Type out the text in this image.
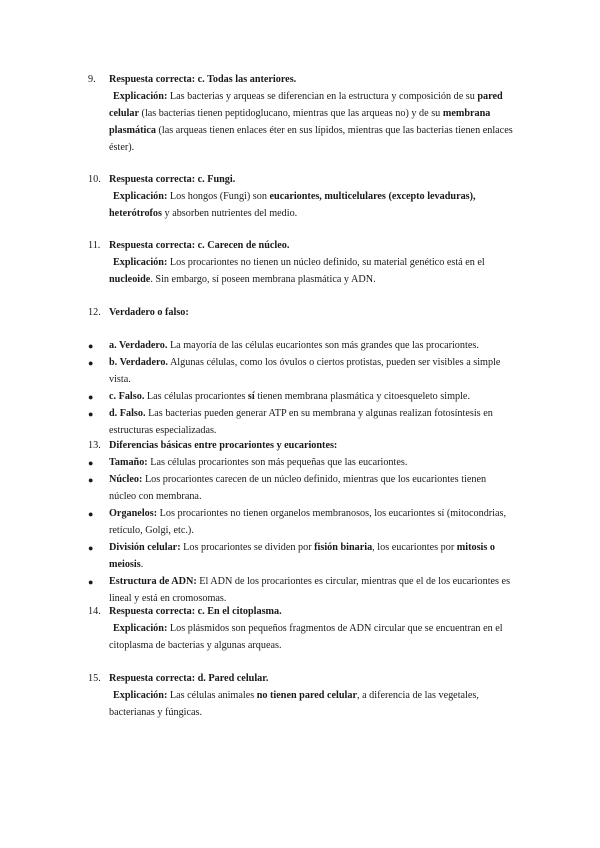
9. Respuesta correcta: c. Todas las anteriores.
Explicación: Las bacterias y arqueas se diferencian en la estructura y composición de su pared
celular (las bacterias tienen peptidoglucano, mientras que las arqueas no) y de su membrana
plasmática (las arqueas tienen enlaces éter en sus lípidos, mientras que las bacterias tienen enlaces
éster).
10. Respuesta correcta: c. Fungi.
Explicación: Los hongos (Fungi) son eucariontes, multicelulares (excepto levaduras),
heterótrofos y absorben nutrientes del medio.
11. Respuesta correcta: c. Carecen de núcleo.
Explicación: Los procariontes no tienen un núcleo definido, su material genético está en el
nucleoide. Sin embargo, sí poseen membrana plasmática y ADN.
12. Verdadero o falso:
● a. Verdadero. La mayoría de las células eucariontes son más grandes que las procariontes.
● b. Verdadero. Algunas células, como los óvulos o ciertos protistas, pueden ser visibles a simple
vista.
● c. Falso. Las células procariontes sí tienen membrana plasmática y citoesqueleto simple.
● d. Falso. Las bacterias pueden generar ATP en su membrana y algunas realizan fotosíntesis en
estructuras especializadas.
13. Diferencias básicas entre procariontes y eucariontes:
● Tamaño: Las células procariontes son más pequeñas que las eucariontes.
● Núcleo: Los procariontes carecen de un núcleo definido, mientras que los eucariontes tienen
núcleo con membrana.
● Organelos: Los procariontes no tienen organelos membranosos, los eucariontes sí (mitocondrias,
retículo, Golgi, etc.).
● División celular: Los procariontes se dividen por fisión binaria, los eucariontes por mitosis o
meiosis.
● Estructura de ADN: El ADN de los procariontes es circular, mientras que el de los eucariontes es
lineal y está en cromosomas.
14. Respuesta correcta: c. En el citoplasma.
Explicación: Los plásmidos son pequeños fragmentos de ADN circular que se encuentran en el
citoplasma de bacterias y algunas arqueas.
15. Respuesta correcta: d. Pared celular.
Explicación: Las células animales no tienen pared celular, a diferencia de las vegetales,
bacterianas y fúngicas.
